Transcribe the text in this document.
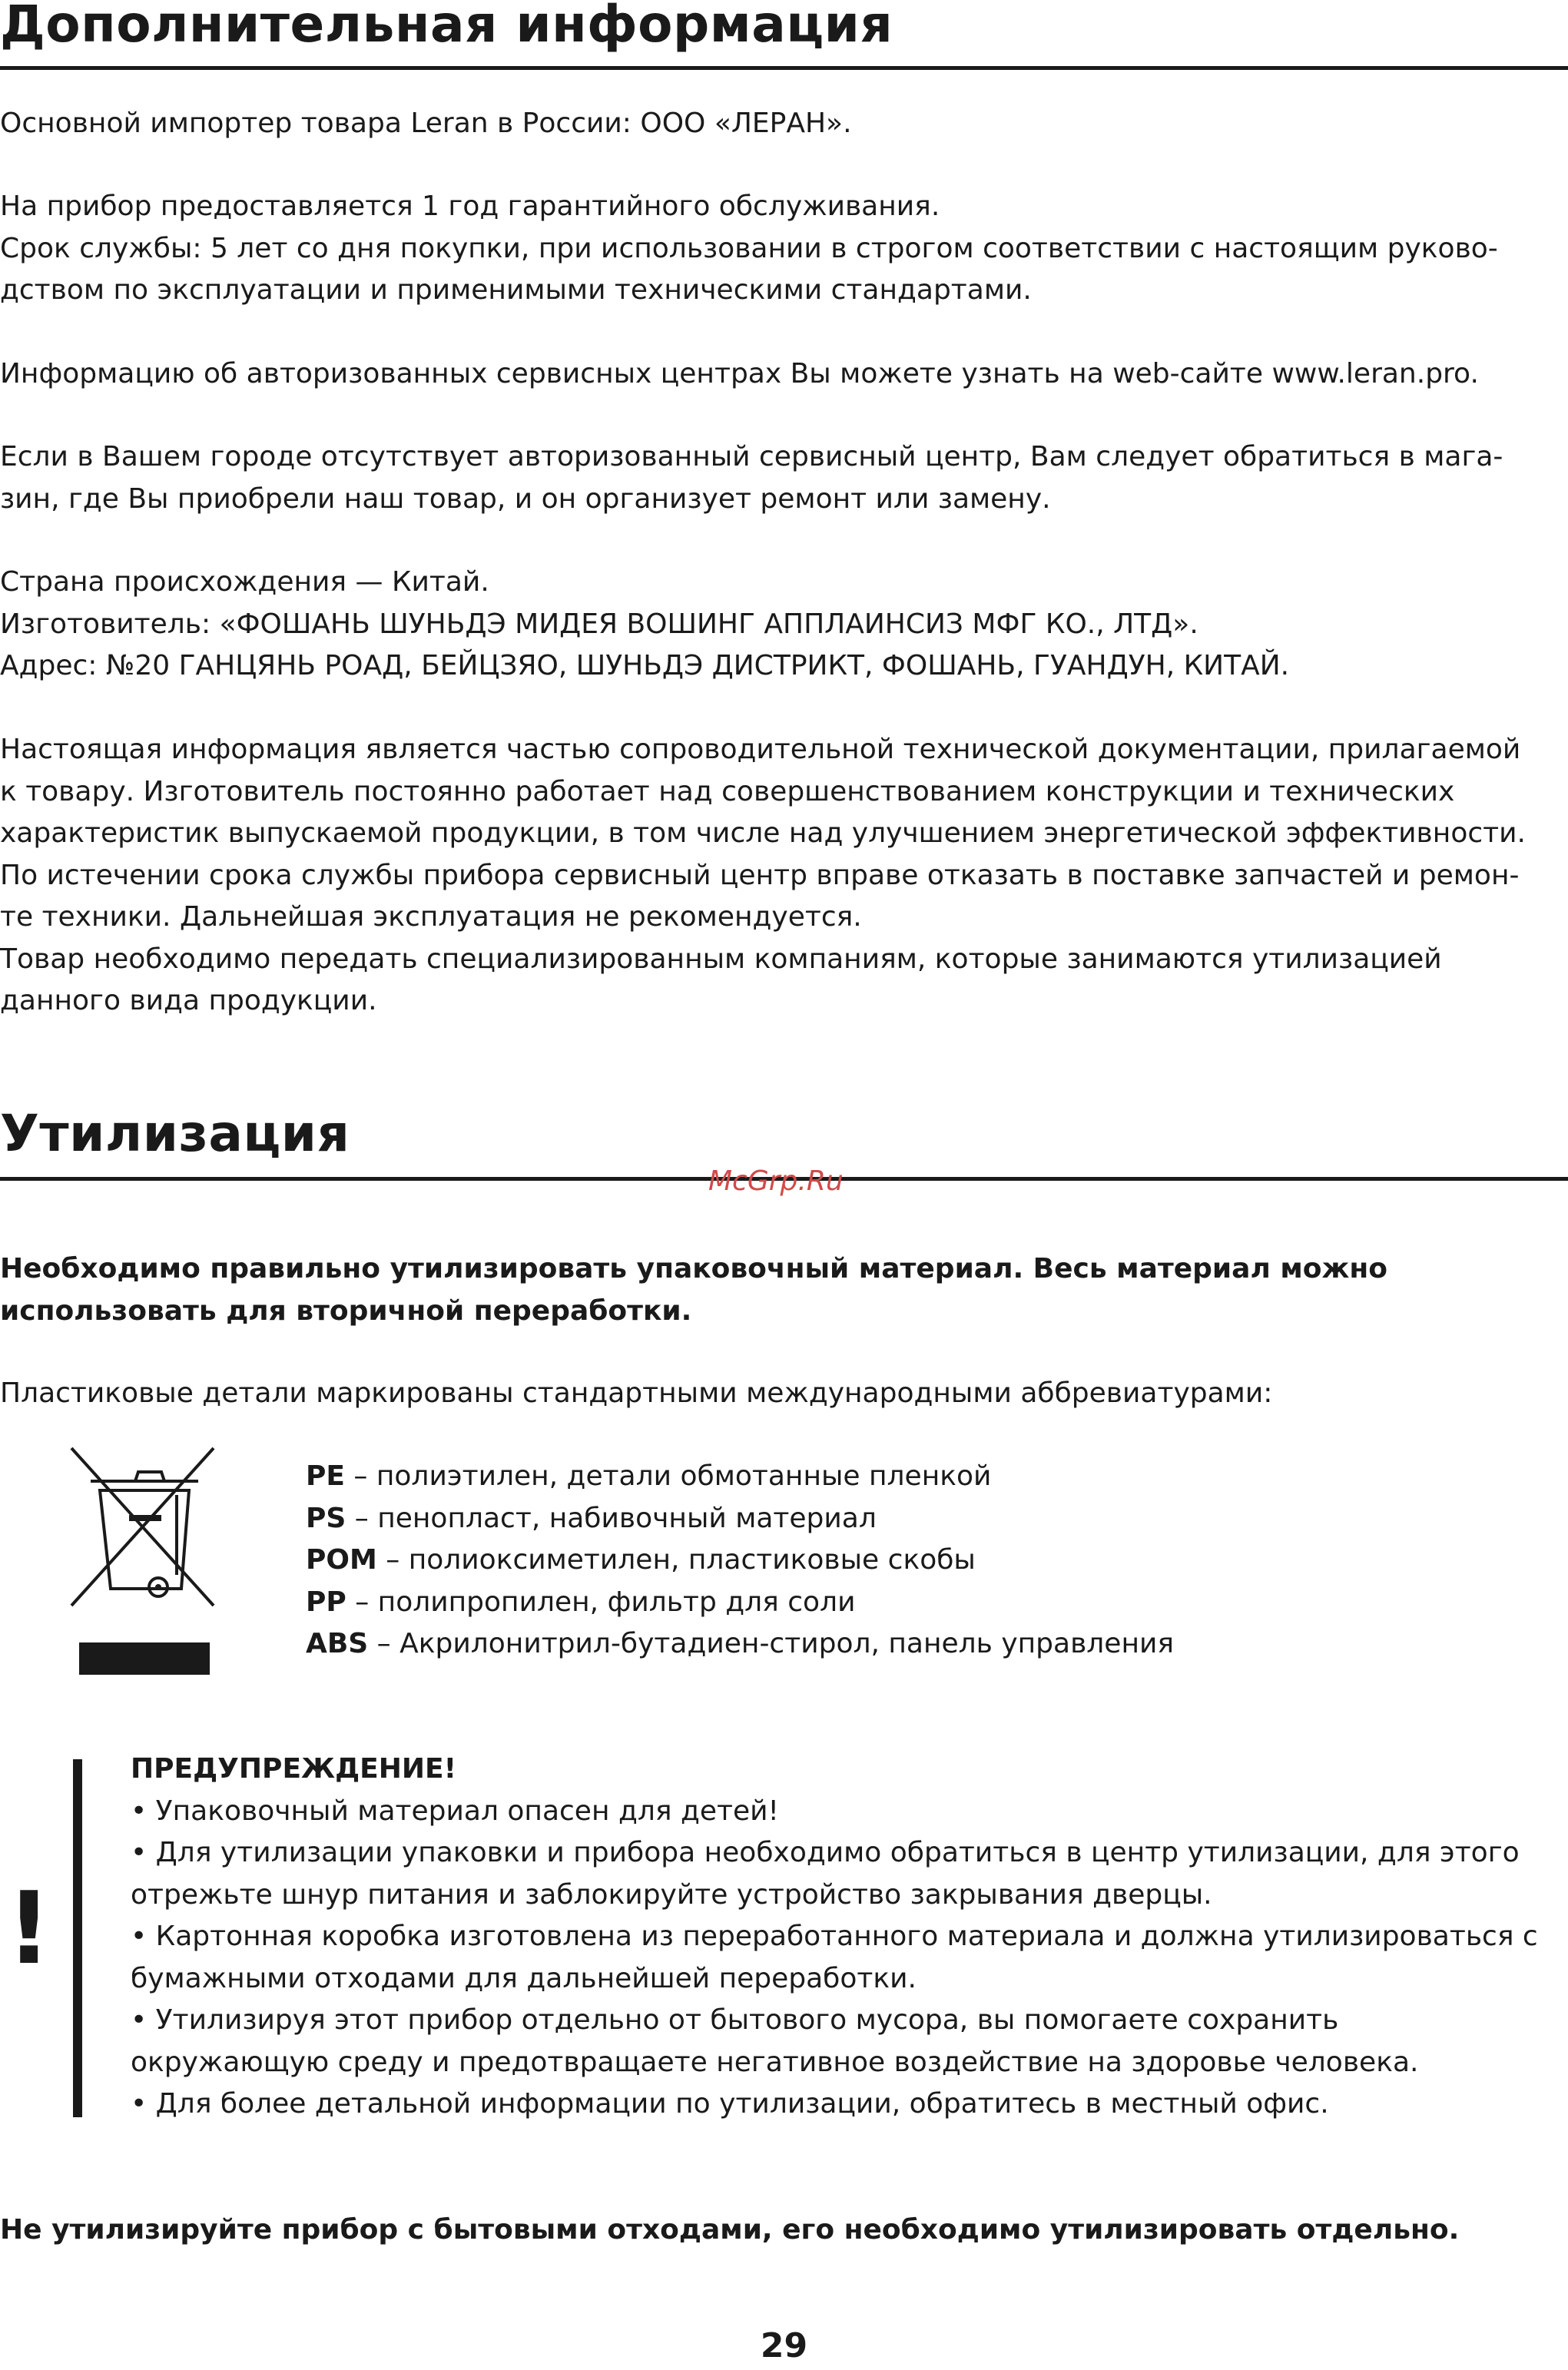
Дополнительная информация
Основной импортер товара Leran в России: ООО «ЛЕРАН».
На прибор предоставляется 1 год гарантийного обслуживания.
Срок службы: 5 лет со дня покупки, при использовании в строгом соответствии с настоящим руково-
дством по эксплуатации и применимыми техническими стандартами.
Информацию об авторизованных сервисных центрах Вы можете узнать на web-сайте www.leran.pro.
Если в Вашем городе отсутствует авторизованный сервисный центр, Вам следует обратиться в мага-
зин, где Вы приобрели наш товар, и он организует ремонт или замену.
Страна происхождения — Китай.
Изготовитель: «ФОШАНЬ ШУНЬДЭ МИДЕЯ ВОШИНГ АППЛАИНСИЗ МФГ КО., ЛТД».
Адрес: №20 ГАНЦЯНЬ РОАД, БЕЙЦЗЯО, ШУНЬДЭ ДИСТРИКТ, ФОШАНЬ, ГУАНДУН, КИТАЙ.
Настоящая информация является частью сопроводительной технической документации, прилагаемой
к товару. Изготовитель постоянно работает над совершенствованием конструкции и технических
характеристик выпускаемой продукции, в том числе над улучшением энергетической эффективности.
По истечении срока службы прибора сервисный центр вправе отказать в поставке запчастей и ремон-
те техники. Дальнейшая эксплуатация не рекомендуется.
Товар необходимо передать специализированным компаниям, которые занимаются утилизацией
данного вида продукции.
Утилизация
McGrp.Ru
Необходимо правильно утилизировать упаковочный материал. Весь материал можно
использовать для вторичной переработки.
Пластиковые детали маркированы стандартными международными аббревиатурами:
PE – полиэтилен, детали обмотанные пленкой
PS – пенопласт, набивочный материал
POM – полиоксиметилен, пластиковые скобы
PP – полипропилен, фильтр для соли
ABS – Акрилонитрил-бутадиен-стирол, панель управления
!
ПРЕДУПРЕЖДЕНИЕ!
• Упаковочный материал опасен для детей!
• Для утилизации упаковки и прибора необходимо обратиться в центр утилизации, для этого
отрежьте шнур питания и заблокируйте устройство закрывания дверцы.
• Картонная коробка изготовлена из переработанного материала и должна утилизироваться с
бумажными отходами для дальнейшей переработки.
• Утилизируя этот прибор отдельно от бытового мусора, вы помогаете сохранить
окружающую среду и предотвращаете негативное воздействие на здоровье человека.
• Для более детальной информации по утилизации, обратитесь в местный офис.
Не утилизируйте прибор с бытовыми отходами, его необходимо утилизировать отдельно.
29
